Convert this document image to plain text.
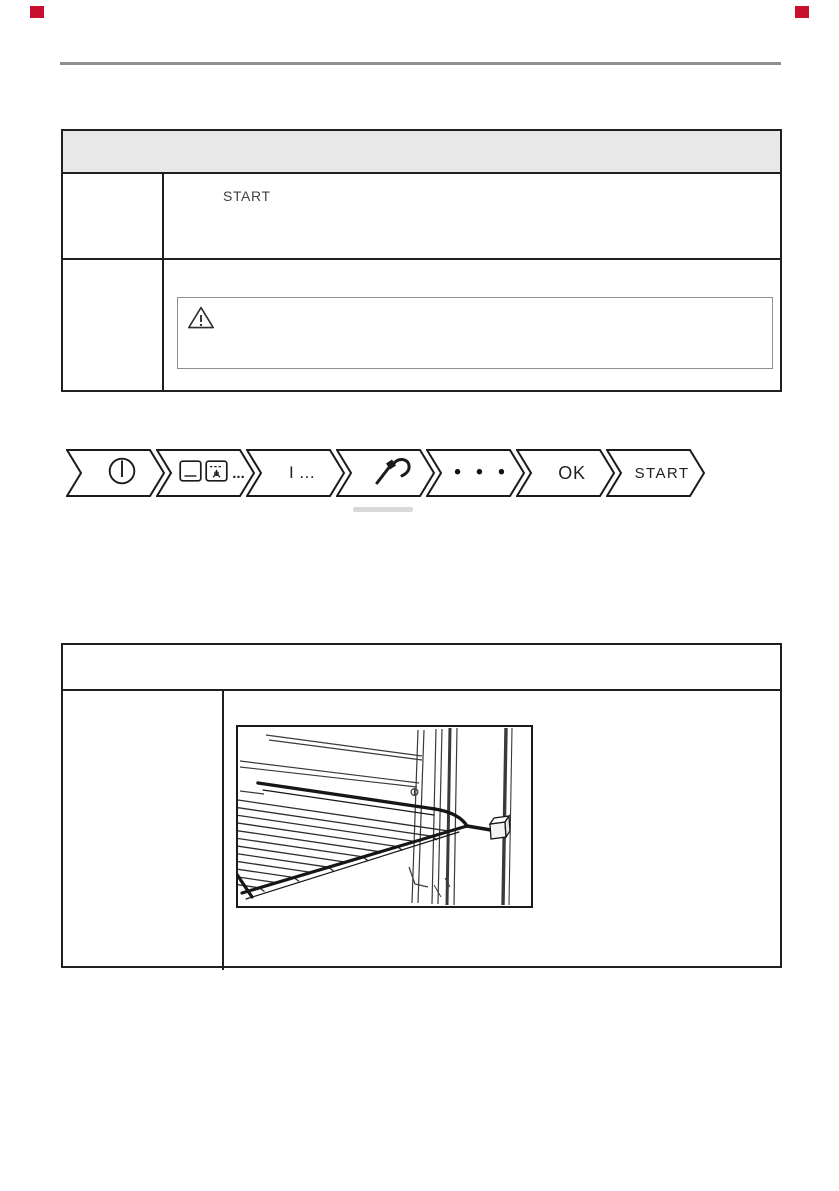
START
...	I ...	• • •	OK	START
